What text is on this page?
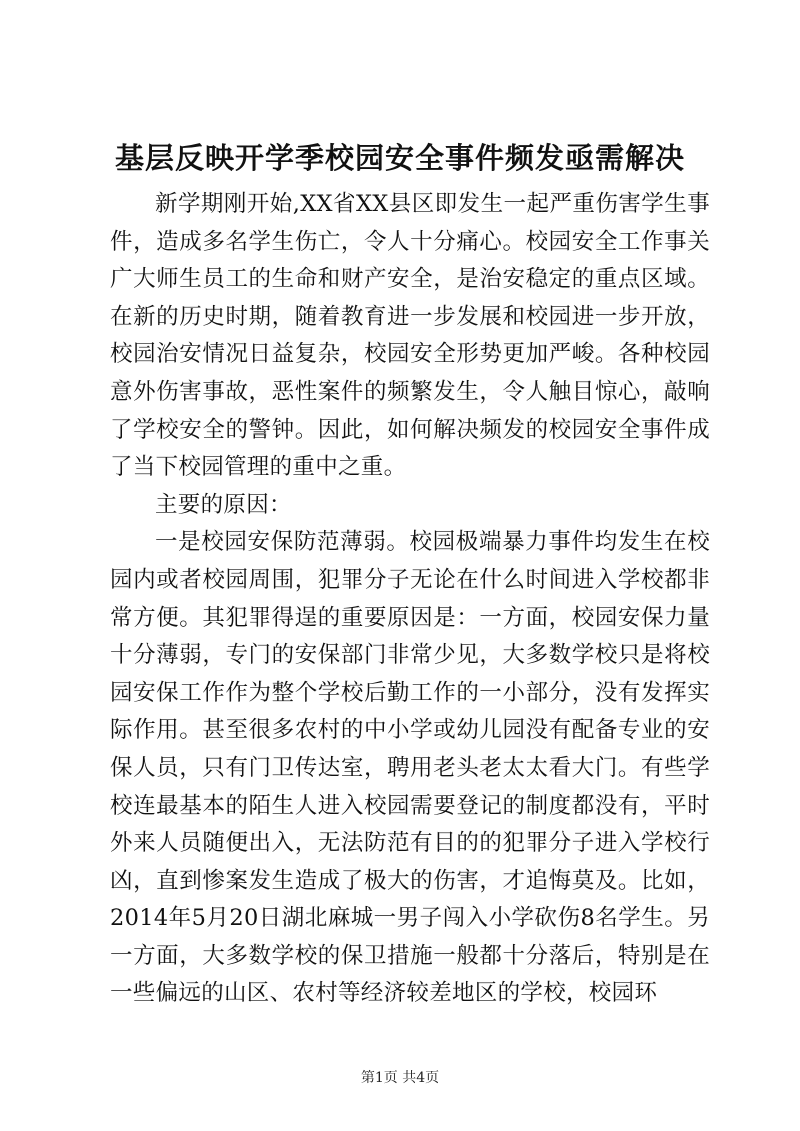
基层反映开学季校园安全事件频发亟需解决

新学期刚开始,XX省XX县区即发生一起严重伤害学生事件，造成多名学生伤亡，令人十分痛心。校园安全工作事关广大师生员工的生命和财产安全，是治安稳定的重点区域。在新的历史时期，随着教育进一步发展和校园进一步开放，校园治安情况日益复杂，校园安全形势更加严峻。各种校园意外伤害事故，恶性案件的频繁发生，令人触目惊心，敲响了学校安全的警钟。因此，如何解决频发的校园安全事件成了当下校园管理的重中之重。

主要的原因：

一是校园安保防范薄弱。校园极端暴力事件均发生在校园内或者校园周围，犯罪分子无论在什么时间进入学校都非常方便。其犯罪得逞的重要原因是：一方面，校园安保力量十分薄弱，专门的安保部门非常少见，大多数学校只是将校园安保工作作为整个学校后勤工作的一小部分，没有发挥实际作用。甚至很多农村的中小学或幼儿园没有配备专业的安保人员，只有门卫传达室，聘用老头老太太看大门。有些学校连最基本的陌生人进入校园需要登记的制度都没有，平时外来人员随便出入，无法防范有目的的犯罪分子进入学校行凶，直到惨案发生造成了极大的伤害，才追悔莫及。比如，2014年5月20日湖北麻城一男子闯入小学砍伤8名学生。另一方面，大多数学校的保卫措施一般都十分落后，特别是在一些偏远的山区、农村等经济较差地区的学校，校园环

第1页 共4页
